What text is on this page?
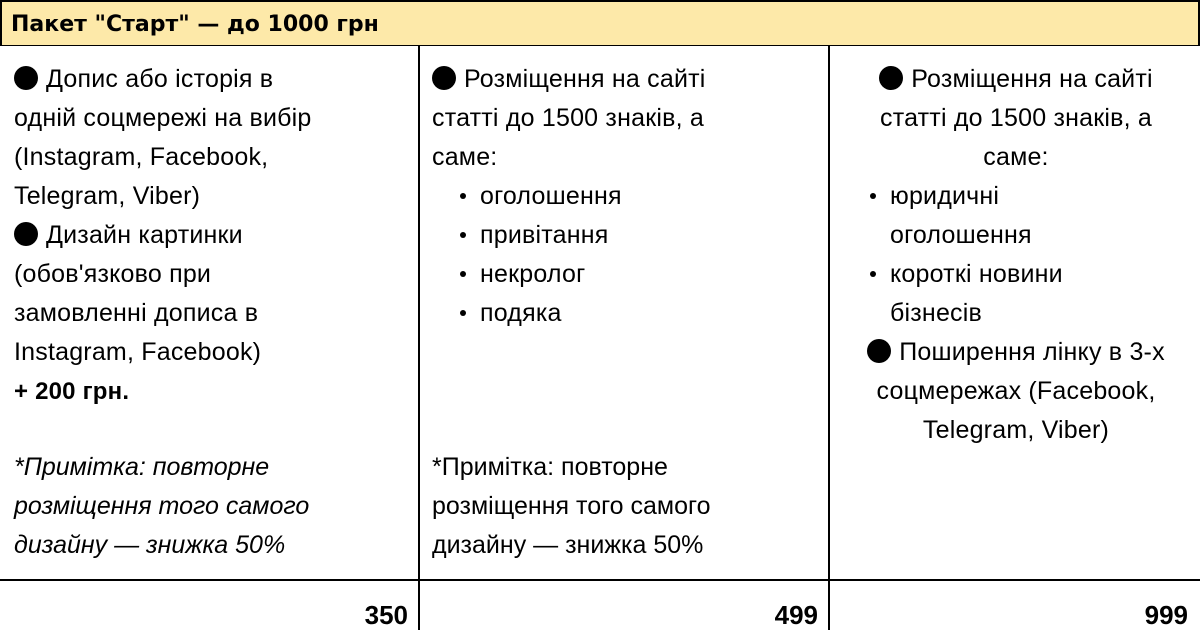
Пакет "Старт" — до 1000 грн
Допис або історія в
одній соцмережі на вибір
(Instagram, Facebook,
Telegram, Viber)
Дизайн картинки
(обов'язково при
замовленні дописа в
Instagram, Facebook)
+ 200 грн.
*Примітка: повторне
розміщення того самого
дизайну — знижка 50%
Розміщення на сайті
статті до 1500 знаків, а
саме:
оголошення
привітання
некролог
подяка
*Примітка: повторне
розміщення того самого
дизайну — знижка 50%
Розміщення на сайті
статті до 1500 знаків, а
саме:
юридичні
оголошення
короткі новини
бізнесів
Поширення лінку в 3-х
соцмережах (Facebook,
Telegram, Viber)
350	499	999
